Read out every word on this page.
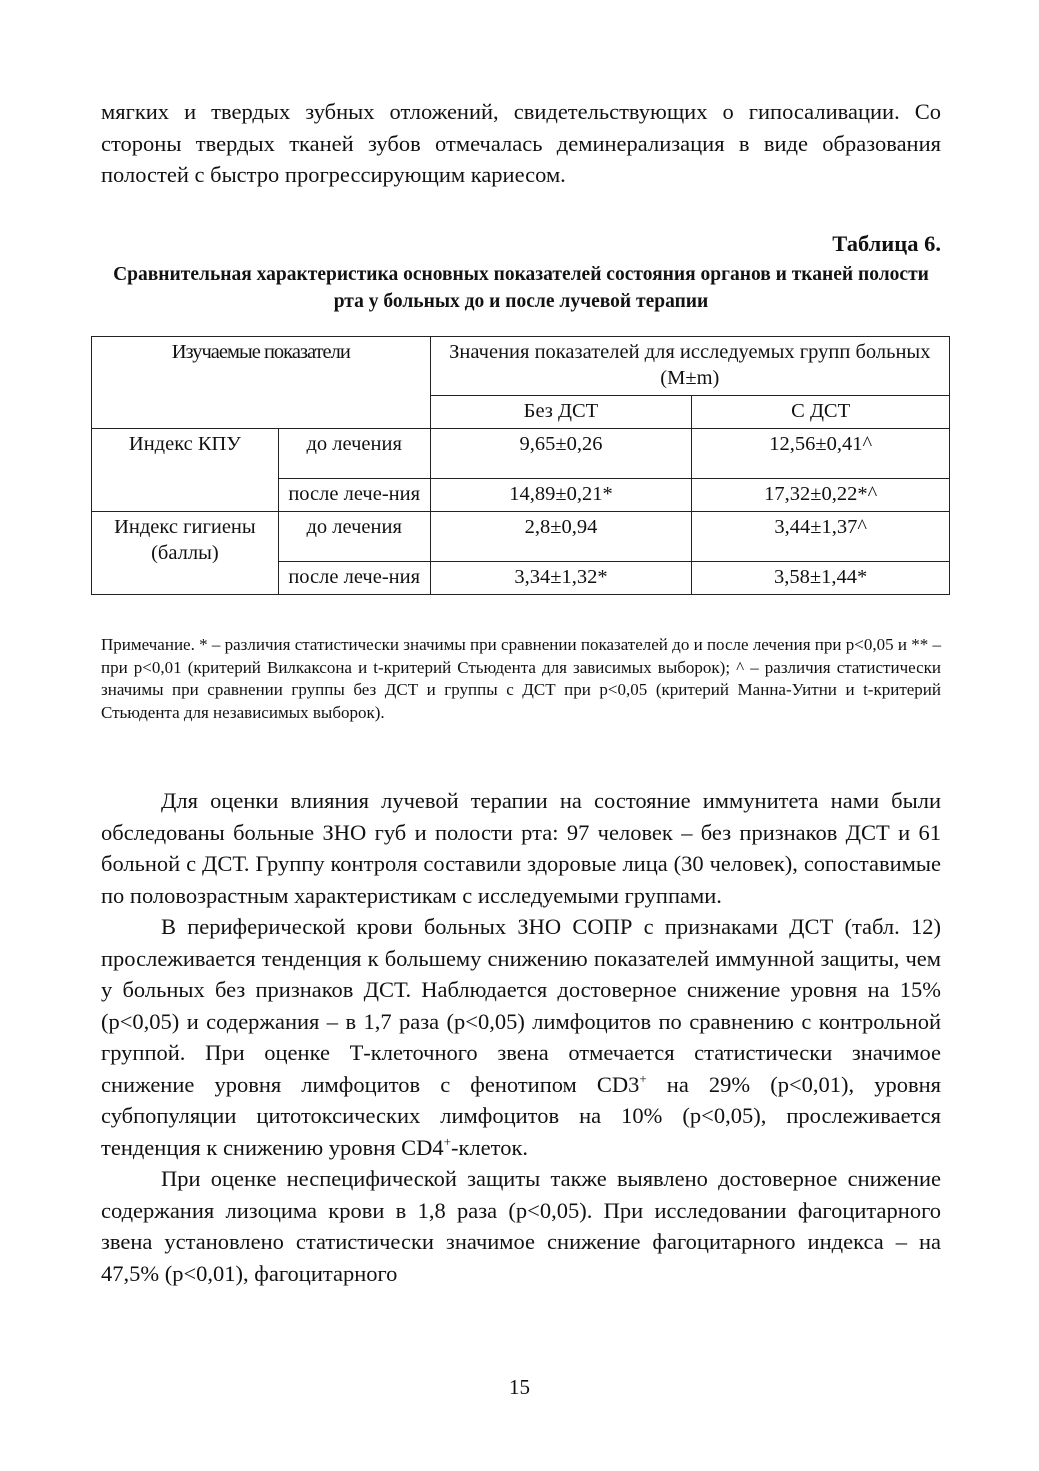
мягких и твердых зубных отложений, свидетельствующих о гипосаливации. Со стороны твердых тканей зубов отмечалась деминерализация в виде образования полостей с быстро прогрессирующим кариесом.

Таблица 6.
Сравнительная характеристика основных показателей состояния органов и тканей полости рта у больных до и после лучевой терапии
Изучаемые показатели		Значения показателей для исследуемых групп больных (M±m)	
		Без ДСТ	С ДСТ
Индекс КПУ	до лечения	9,65±0,26	12,56±0,41^
	после лече-ния	14,89±0,21*	17,32±0,22*^
Индекс гигиены (баллы)	до лечения	2,8±0,94	3,44±1,37^
	после лече-ния	3,34±1,32*	3,58±1,44*
Примечание. * – различия статистически значимы при сравнении показателей до и после лечения при p<0,05 и ** – при p<0,01 (критерий Вилкаксона и t-критерий Стьюдента для зависимых выборок); ^ – различия статистически значимы при сравнении группы без ДСТ и группы с ДСТ при p<0,05 (критерий Манна-Уитни и t-критерий Стьюдента для независимых выборок).

Для оценки влияния лучевой терапии на состояние иммунитета нами были обследованы больные ЗНО губ и полости рта: 97 человек – без признаков ДСТ и 61 больной с ДСТ. Группу контроля составили здоровые лица (30 человек), сопоставимые по половозрастным характеристикам с исследуемыми группами.

В периферической крови больных ЗНО СОПР с признаками ДСТ (табл. 12) прослеживается тенденция к большему снижению показателей иммунной защиты, чем у больных без признаков ДСТ. Наблюдается достоверное снижение уровня на 15% (p<0,05) и содержания – в 1,7 раза (p<0,05) лимфоцитов по сравнению с контрольной группой. При оценке Т-клеточного звена отмечается статистически значимое снижение уровня лимфоцитов с фенотипом CD3+ на 29% (p<0,01), уровня субпопуляции цитотоксических лимфоцитов на 10% (p<0,05), прослеживается тенденция к снижению уровня CD4+-клеток.

При оценке неспецифической защиты также выявлено достоверное снижение содержания лизоцима крови в 1,8 раза (p<0,05). При исследовании фагоцитарного звена установлено статистически значимое снижение фагоцитарного индекса – на 47,5% (p<0,01), фагоцитарного

15
